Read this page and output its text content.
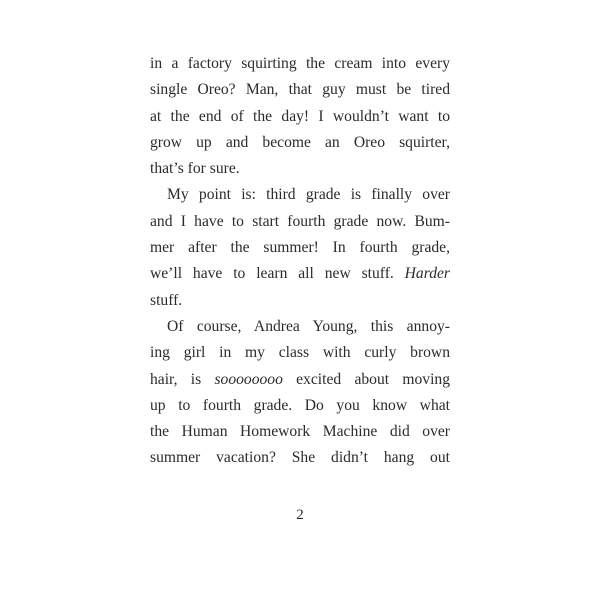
in a factory squirting the cream into every
single Oreo? Man, that guy must be tired
at the end of the day! I wouldn’t want to
grow up and become an Oreo squirter,
that’s for sure.
My point is: third grade is finally over
and I have to start fourth grade now. Bum-
mer after the summer! In fourth grade,
we’ll have to learn all new stuff. Harder
stuff.
Of course, Andrea Young, this annoy-
ing girl in my class with curly brown
hair, is soooooooo excited about moving
up to fourth grade. Do you know what
the Human Homework Machine did over
summer vacation? She didn’t hang out
2
